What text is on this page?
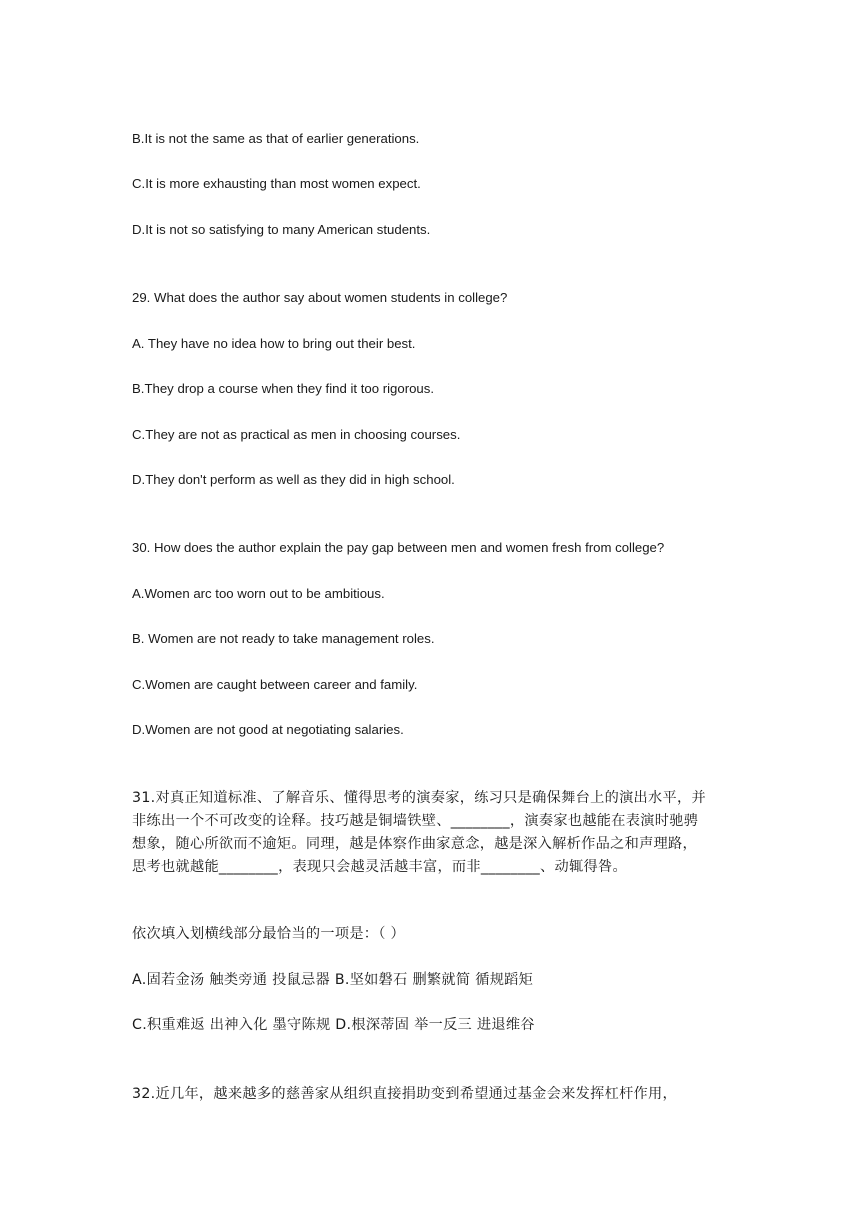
B.It is not the same as that of earlier generations.
C.It is more exhausting than most women expect.
D.It is not so satisfying to many American students.
29. What does the author say about women students in college?
A. They have no idea how to bring out their best.
B.They drop a course when they find it too rigorous.
C.They are not as practical as men in choosing courses.
D.They don't perform as well as they did in high school.
30. How does the author explain the pay gap between men and women fresh from college?
A.Women arc too worn out to be ambitious.
B. Women are not ready to take management roles.
C.Women are caught between career and family.
D.Women are not good at negotiating salaries.
31.对真正知道标准、了解音乐、懂得思考的演奏家，练习只是确保舞台上的演出水平，并
非练出一个不可改变的诠释。技巧越是铜墙铁壁、________，演奏家也越能在表演时驰骋
想象，随心所欲而不逾矩。同理，越是体察作曲家意念，越是深入解析作品之和声理路，
思考也就越能________，表现只会越灵活越丰富，而非________、动辄得咎。
依次填入划横线部分最恰当的一项是：（ ）
A.固若金汤 触类旁通 投鼠忌器 B.坚如磐石 删繁就简 循规蹈矩
C.积重难返 出神入化 墨守陈规 D.根深蒂固 举一反三 进退维谷
32.近几年，越来越多的慈善家从组织直接捐助变到希望通过基金会来发挥杠杆作用，
